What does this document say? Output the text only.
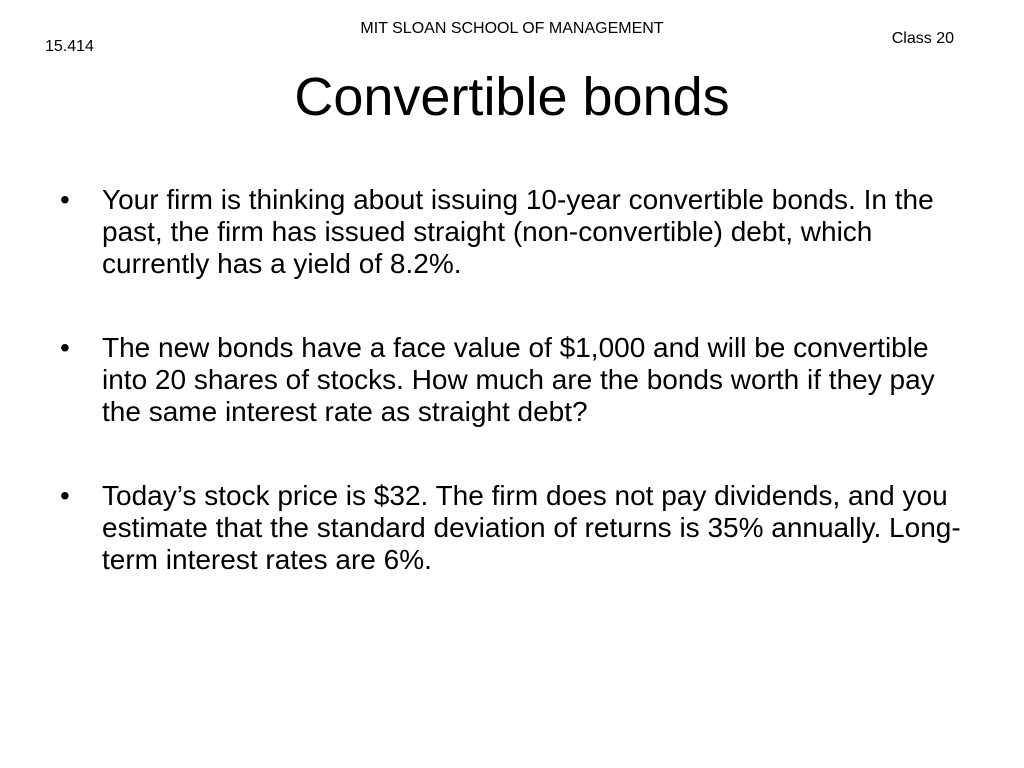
MIT SLOAN SCHOOL OF MANAGEMENT
15.414	Class 20
Convertible bonds
•	Your firm is thinking about issuing 10-year convertible bonds. In the past, the firm has issued straight (non-convertible) debt, which currently has a yield of 8.2%.
•	The new bonds have a face value of $1,000 and will be convertible into 20 shares of stocks. How much are the bonds worth if they pay the same interest rate as straight debt?
•	Today’s stock price is $32. The firm does not pay dividends, and you estimate that the standard deviation of returns is 35% annually. Long-term interest rates are 6%.
